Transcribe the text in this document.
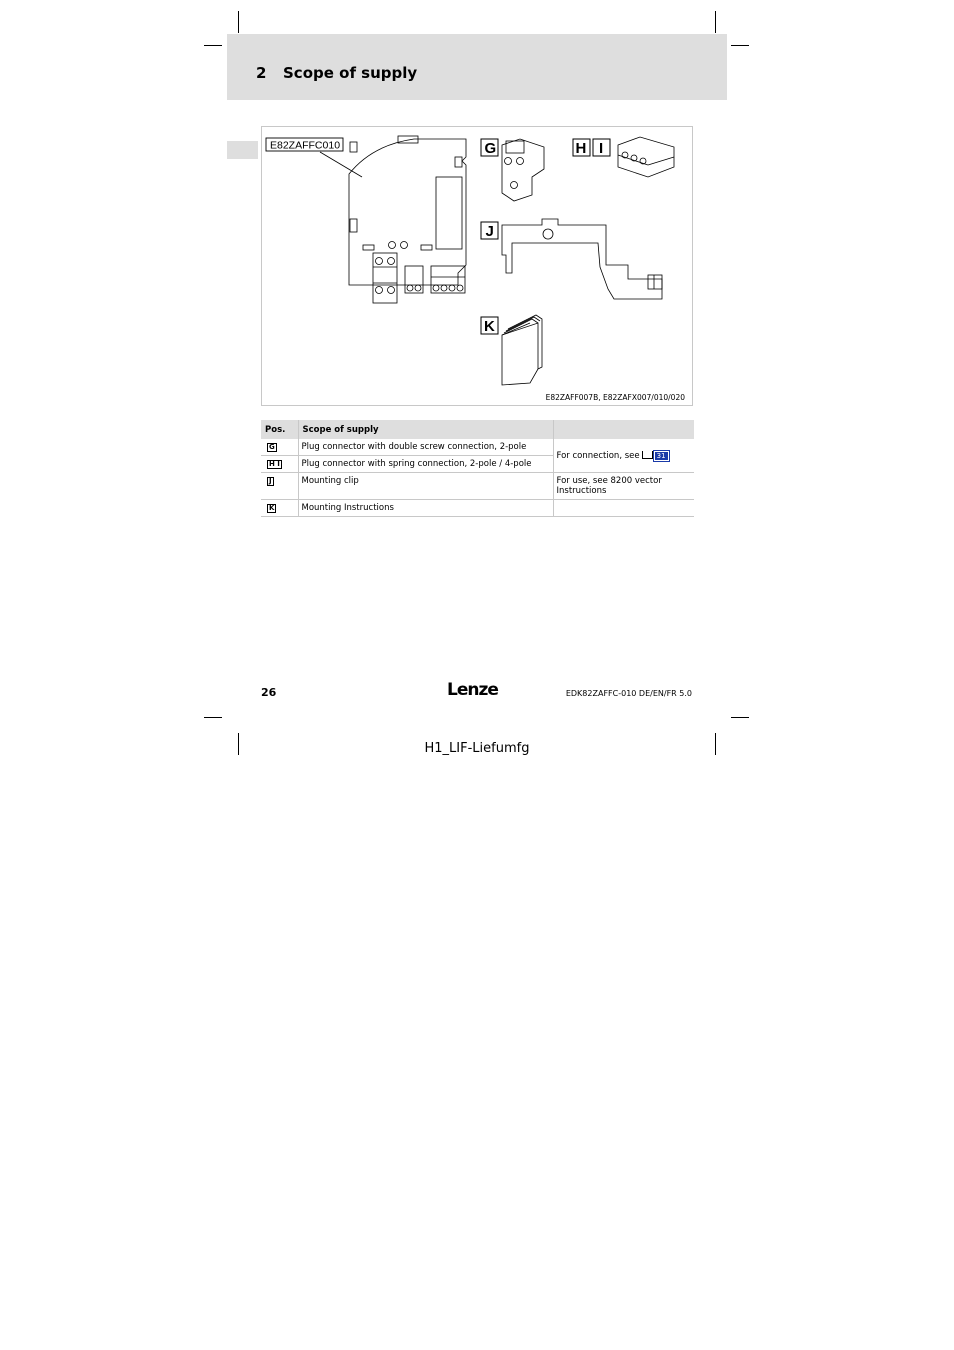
2 Scope of supply
E82ZAFFC010	G	H I
J
K
E82ZAFF007B, E82ZAFX007/010/020
Pos.	Scope of supply	
G	Plug connector with double screw connection, 2-pole	For connection, see 31
H I	Plug connector with spring connection, 2-pole / 4-pole	
J	Mounting clip	For use, see 8200 vector Instructions
K	Mounting Instructions	
26	Lenze	EDK82ZAFFC-010 DE/EN/FR 5.0
H1_LIF-Liefumfg
